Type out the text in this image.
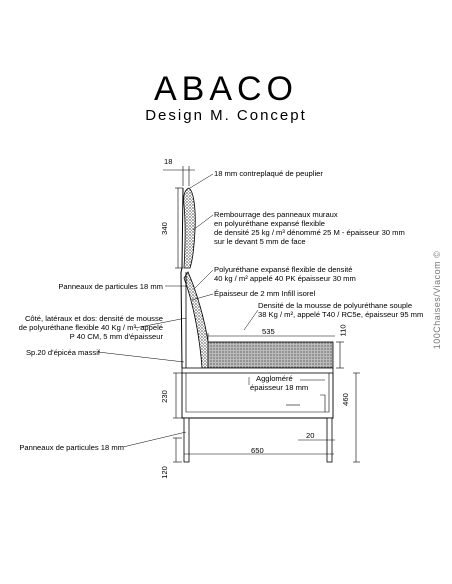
ABACO
Design M. Concept
18
340
535	110
230	460
20
650
120
18 mm contreplaqué de peuplier
Rembourrage des panneaux muraux
en polyuréthane expansé flexible
de densité 25 kg / m³ dénommé 25 M - épaisseur 30 mm
sur le devant 5 mm de face
Polyuréthane expansé flexible de densité
40 kg / m² appelé 40 PK épaisseur 30 mm
Épaisseur de 2 mm Infill isorel
Densité de la mousse de polyuréthane souple
38 Kg / m², appelé T40 / RC5e, épaisseur 95 mm
Aggloméré
épaisseur 18 mm
Panneaux de particules 18 mm
Côté, latéraux et dos: densité de mousse
de polyuréthane flexible 40 Kg / m³, appelé
P 40 CM, 5 mm d'épaisseur
Sp.20 d'épicéa massif
Panneaux de particules 18 mm
100Chaises/Viacom ©
